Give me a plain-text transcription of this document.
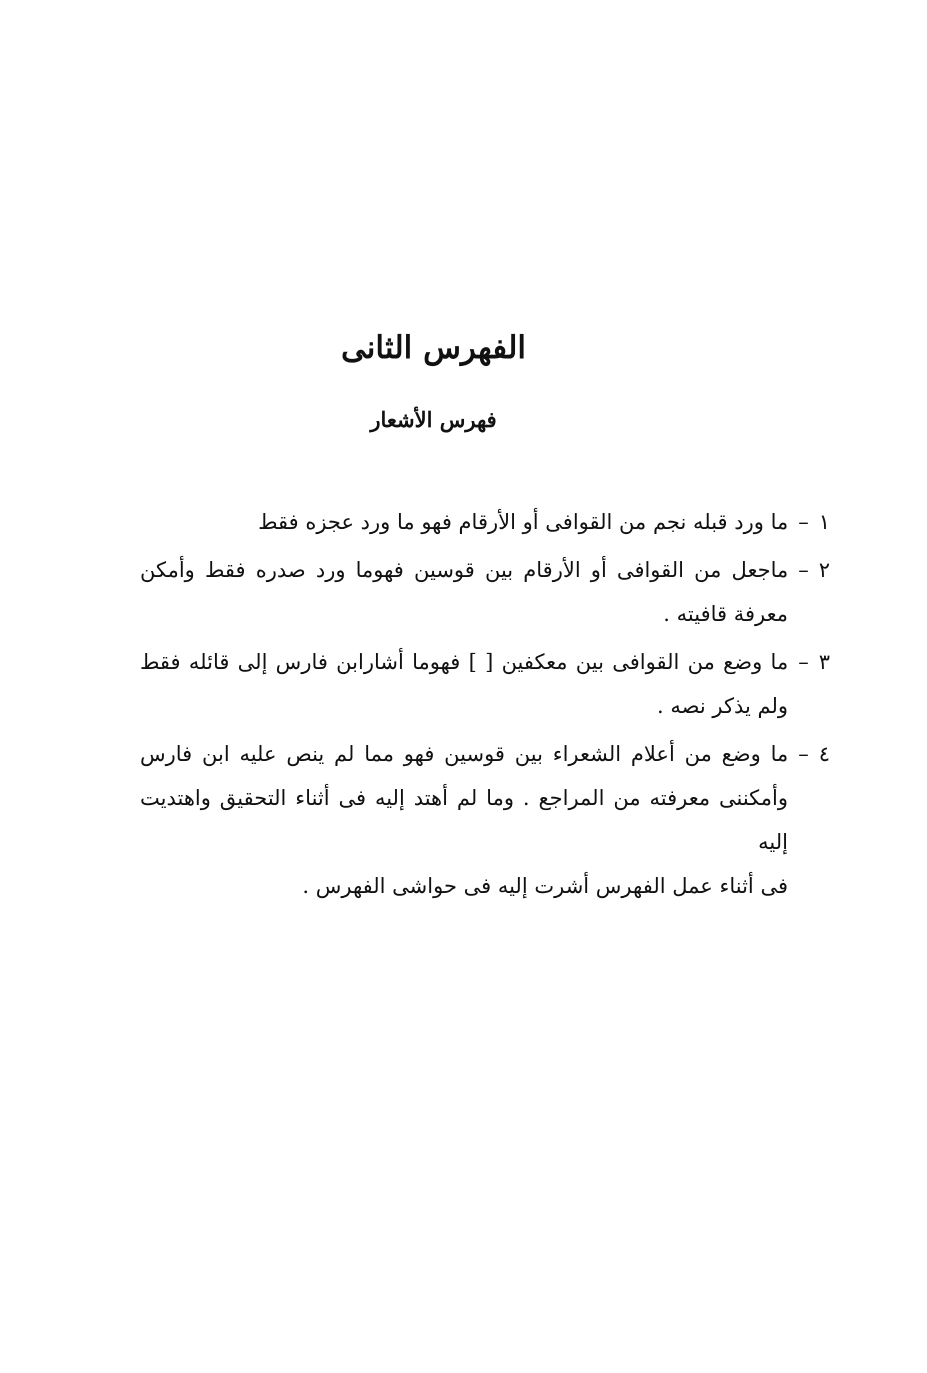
الفهرس الثانى
فهرس الأشعار
١–ما ورد قبله نجم من القوافى أو الأرقام فهو ما ورد عجزه فقط
٢–ماجعل من القوافى أو الأرقام بين قوسين فهوما ورد صدره فقط وأمكن
معرفة قافيته .
٣–ما وضع من القوافى بين معكفين [ ] فهوما أشارابن فارس إلى قائله فقط
ولم يذكر نصه .
٤–ما وضع من أعلام الشعراء بين قوسين فهو مما لم ينص عليه ابن فارس
وأمكننى معرفته من المراجع . وما لم أهتد إليه فى أثناء التحقيق واهتديت إليه
فى أثناء عمل الفهرس أشرت إليه فى حواشى الفهرس .
